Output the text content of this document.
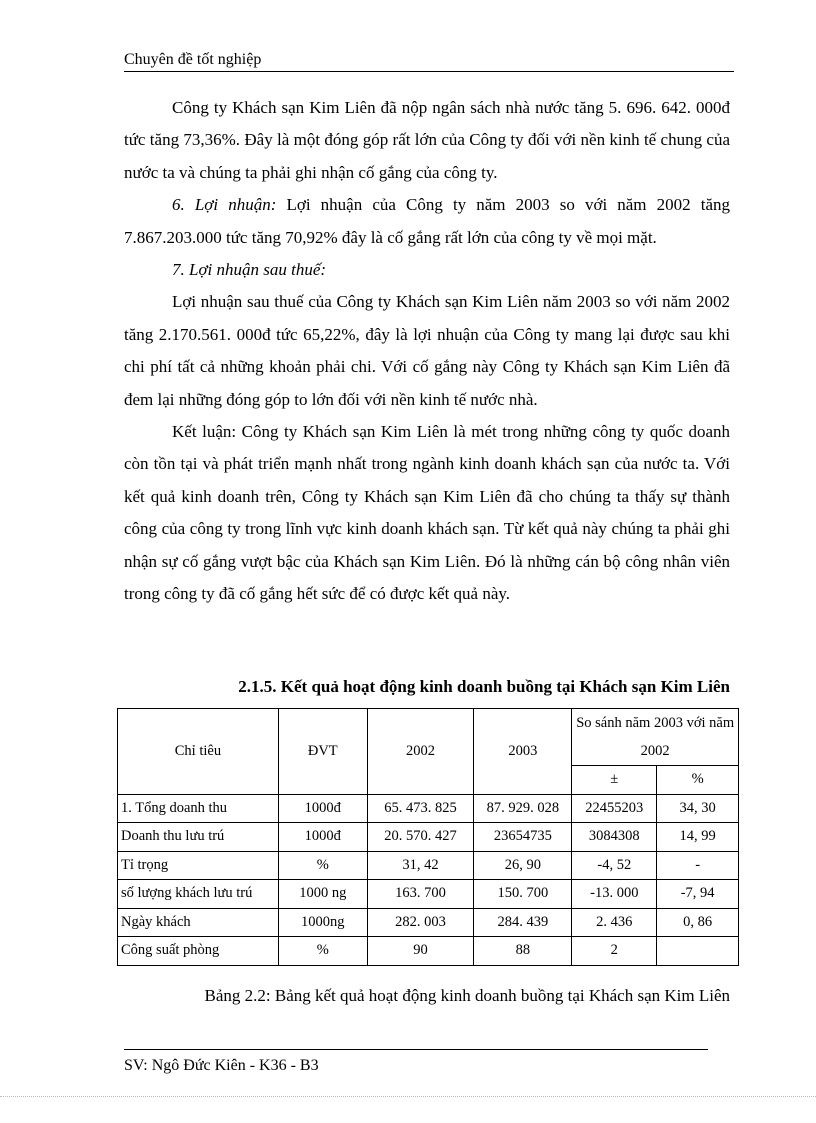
Chuyên đề tốt nghiệp

Công ty Khách sạn Kim Liên đã nộp ngân sách nhà nước tăng 5. 696. 642. 000đ tức tăng 73,36%. Đây là một đóng góp rất lớn của Công ty đối với nền kinh tế chung của nước ta và chúng ta phải ghi nhận cố gắng của công ty.

6. Lợi nhuận: Lợi nhuận của Công ty năm 2003 so với năm 2002 tăng 7.867.203.000 tức tăng 70,92% đây là cố gắng rất lớn của công ty về mọi mặt.

7. Lợi nhuận sau thuế:

Lợi nhuận sau thuế của Công ty Khách sạn Kim Liên năm 2003 so với năm 2002 tăng 2.170.561. 000đ tức 65,22%, đây là lợi nhuận của Công ty mang lại được sau khi chi phí tất cả những khoản phải chi. Với cố gắng này Công ty Khách sạn Kim Liên đã đem lại những đóng góp to lớn đối với nền kinh tế nước nhà.

Kết luận: Công ty Khách sạn Kim Liên là mét trong những công ty quốc doanh còn tồn tại và phát triển mạnh nhất trong ngành kinh doanh khách sạn của nước ta. Với kết quả kinh doanh trên, Công ty Khách sạn Kim Liên đã cho chúng ta thấy sự thành công của công ty trong lĩnh vực kinh doanh khách sạn. Từ kết quả này chúng ta phải ghi nhận sự cố gắng vượt bậc của Khách sạn Kim Liên. Đó là những cán bộ công nhân viên trong công ty đã cố gắng hết sức để có được kết quả này.

2.1.5. Kết quả hoạt động kinh doanh buồng tại Khách sạn Kim Liên
Chỉ tiêu	ĐVT	2002	2003	So sánh năm 2003 với năm 2002	
				±	%
1. Tổng doanh thu	1000đ	65. 473. 825	87. 929. 028	22455203	34, 30
Doanh thu lưu trú	1000đ	20. 570. 427	23654735	3084308	14, 99
Tỉ trọng	%	31, 42	26, 90	-4, 52	-
số lượng khách lưu trú	1000 ng	163. 700	150. 700	-13. 000	-7, 94
Ngày khách	1000ng	282. 003	284. 439	2. 436	0, 86
Công suất phòng	%	90	88	2	
Bảng 2.2: Bảng kết quả hoạt động kinh doanh buồng tại Khách sạn Kim Liên
SV: Ngô Đức Kiên - K36 - B3
